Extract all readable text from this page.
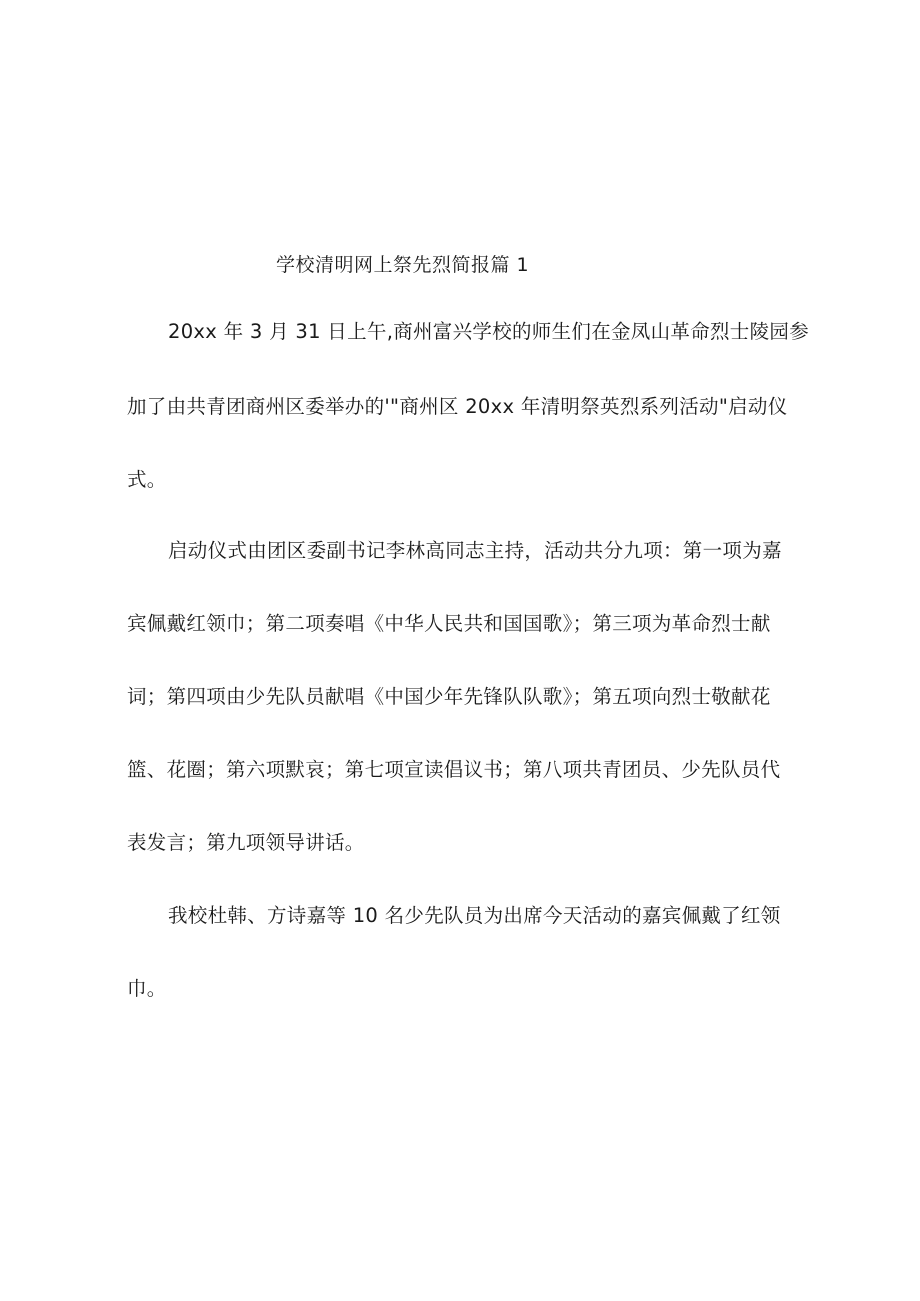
学校清明网上祭先烈简报篇 1
20xx 年 3 月 31 日上午,商州富兴学校的师生们在金凤山革命烈士陵园参
加了由共青团商州区委举办的'"商州区 20xx 年清明祭英烈系列活动"启动仪
式。
启动仪式由团区委副书记李林高同志主持，活动共分九项：第一项为嘉
宾佩戴红领巾；第二项奏唱《中华人民共和国国歌》；第三项为革命烈士献
词；第四项由少先队员献唱《中国少年先锋队队歌》；第五项向烈士敬献花
篮、花圈；第六项默哀；第七项宣读倡议书；第八项共青团员、少先队员代
表发言；第九项领导讲话。
我校杜韩、方诗嘉等 10 名少先队员为出席今天活动的嘉宾佩戴了红领
巾。
